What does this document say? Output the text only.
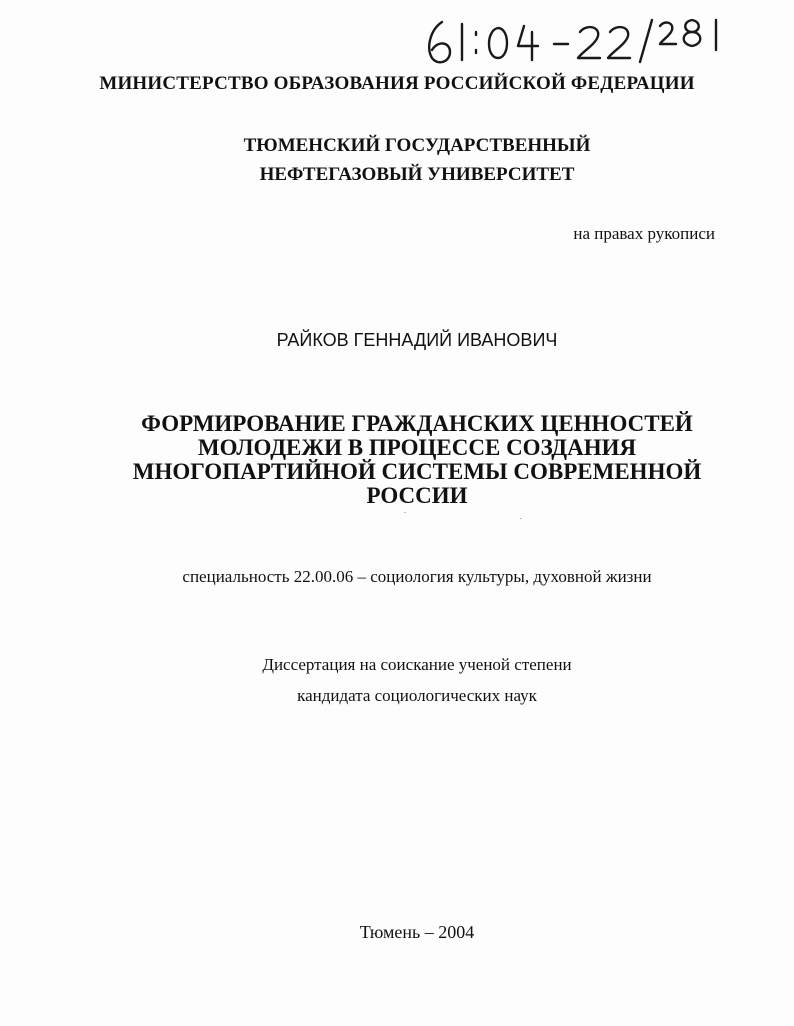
МИНИСТЕРСТВО ОБРАЗОВАНИЯ РОССИЙСКОЙ ФЕДЕРАЦИИ
ТЮМЕНСКИЙ ГОСУДАРСТВЕННЫЙ
НЕФТЕГАЗОВЫЙ УНИВЕРСИТЕТ
на правах рукописи
РАЙКОВ ГЕННАДИЙ ИВАНОВИЧ
ФОРМИРОВАНИЕ ГРАЖДАНСКИХ ЦЕННОСТЕЙ
МОЛОДЕЖИ В ПРОЦЕССЕ СОЗДАНИЯ
МНОГОПАРТИЙНОЙ СИСТЕМЫ СОВРЕМЕННОЙ
РОССИИ
специальность 22.00.06 – социология культуры, духовной жизни
Диссертация на соискание ученой степени
кандидата социологических наук
Тюмень – 2004
